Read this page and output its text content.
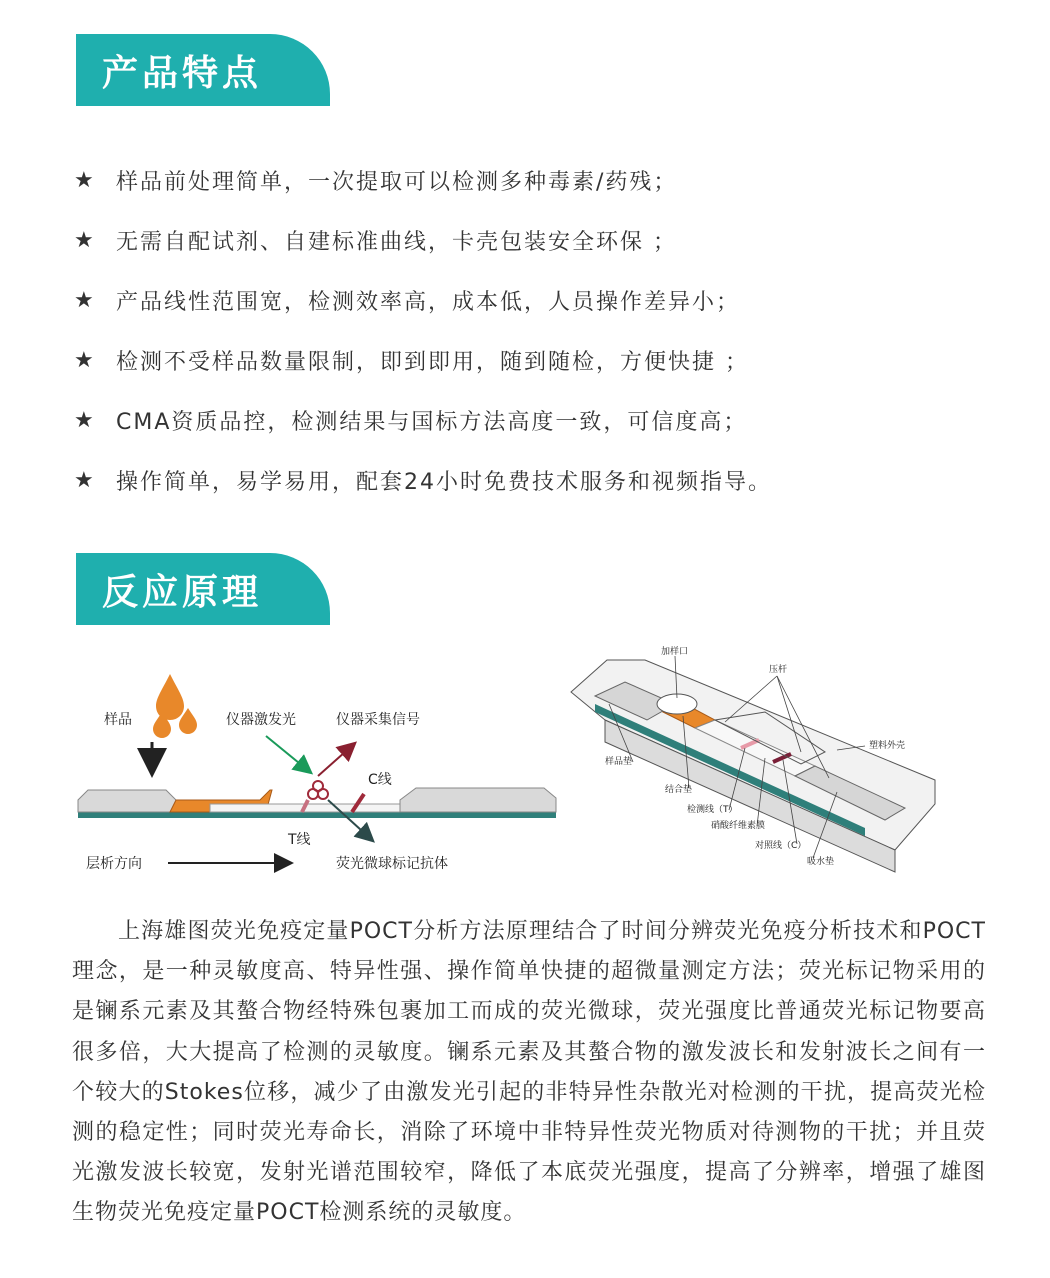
产品特点
★ 样品前处理简单，一次提取可以检测多种毒素/药残；
★ 无需自配试剂、自建标准曲线，卡壳包装安全环保 ；
★ 产品线性范围宽，检测效率高，成本低，人员操作差异小；
★ 检测不受样品数量限制，即到即用，随到随检，方便快捷 ；
★ CMA资质品控，检测结果与国标方法高度一致，可信度高；
★ 操作简单，易学易用，配套24小时免费技术服务和视频指导。
反应原理
样品	仪器激发光	仪器采集信号
C线
T线
层析方向	荧光微球标记抗体
加样口
压杆
塑料外壳
样品垫
结合垫
检测线（T）
硝酸纤维素膜
对照线（C）
吸水垫

上海雄图荧光免疫定量POCT分析方法原理结合了时间分辨荧光免疫分析技术和POCT理念，是一种灵敏度高、特异性强、操作简单快捷的超微量测定方法；荧光标记物采用的是镧系元素及其螯合物经特殊包裹加工而成的荧光微球，荧光强度比普通荧光标记物要高很多倍，大大提高了检测的灵敏度。镧系元素及其螯合物的激发波长和发射波长之间有一个较大的Stokes位移，减少了由激发光引起的非特异性杂散光对检测的干扰，提高荧光检测的稳定性；同时荧光寿命长，消除了环境中非特异性荧光物质对待测物的干扰；并且荧光激发波长较宽，发射光谱范围较窄，降低了本底荧光强度，提高了分辨率，增强了雄图生物荧光免疫定量POCT检测系统的灵敏度。
